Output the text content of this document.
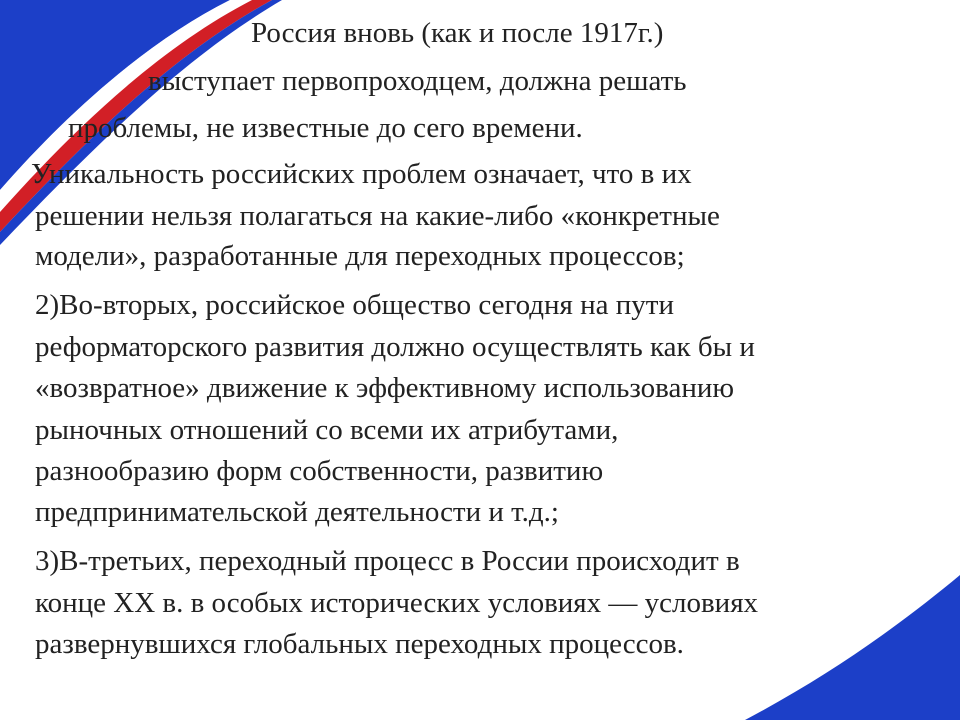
Россия вновь (как и после 1917г.)

выступает первопроходцем, должна решать

проблемы, не известные до сего времени.

Уникальность российских проблем означает, что в их

решении нельзя полагаться на какие-либо «конкретные

модели», разработанные для переходных процессов;

2)Во-вторых, российское общество сегодня на пути

реформаторского развития должно осуществлять как бы и

«возвратное» движение к эффективному использованию

рыночных отношений со всеми их атрибутами,

разнообразию форм собственности, развитию

предпринимательской деятельности и т.д.;

3)В-третьих, переходный процесс в России происходит в

конце XX в. в особых исторических условиях — условиях

развернувшихся глобальных переходных процессов.
